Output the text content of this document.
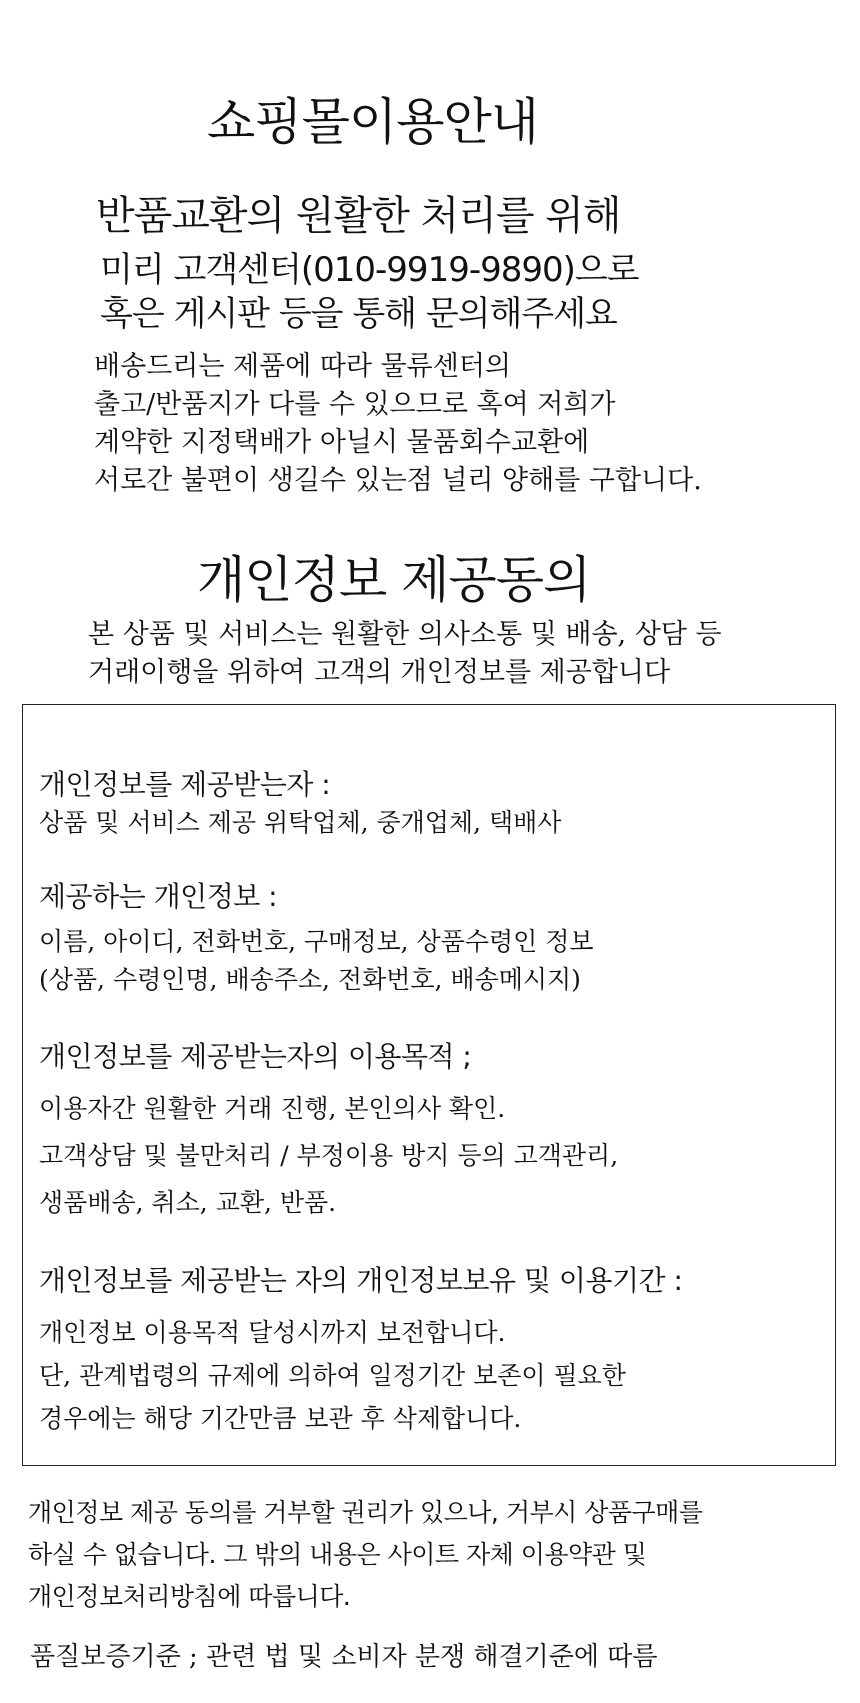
쇼핑몰이용안내
반품교환의 원활한 처리를 위해
미리 고객센터(010-9919-9890)으로
혹은 게시판 등을 통해 문의해주세요
배송드리는 제품에 따라 물류센터의
출고/반품지가 다를 수 있으므로 혹여 저희가
계약한 지정택배가 아닐시 물품회수교환에
서로간 불편이 생길수 있는점 널리 양해를 구합니다.
개인정보 제공동의
본 상품 및 서비스는 원활한 의사소통 및 배송, 상담 등
거래이행을 위하여 고객의 개인정보를 제공합니다
개인정보를 제공받는자 :
상품 및 서비스 제공 위탁업체, 중개업체, 택배사
제공하는 개인정보 :
이름, 아이디, 전화번호, 구매정보, 상품수령인 정보
(상품, 수령인명, 배송주소, 전화번호, 배송메시지)
개인정보를 제공받는자의 이용목적 ;
이용자간 원활한 거래 진행, 본인의사 확인.
고객상담 및 불만처리 / 부정이용 방지 등의 고객관리,
생품배송, 취소, 교환, 반품.
개인정보를 제공받는 자의 개인정보보유 및 이용기간 :
개인정보 이용목적 달성시까지 보전합니다.
단, 관계법령의 규제에 의하여 일정기간 보존이 필요한
경우에는 해당 기간만큼 보관 후 삭제합니다.
개인정보 제공 동의를 거부할 권리가 있으나, 거부시 상품구매를
하실 수 없습니다. 그 밖의 내용은 사이트 자체 이용약관 및
개인정보처리방침에 따릅니다.
품질보증기준 ; 관련 법 및 소비자 분쟁 해결기준에 따름
